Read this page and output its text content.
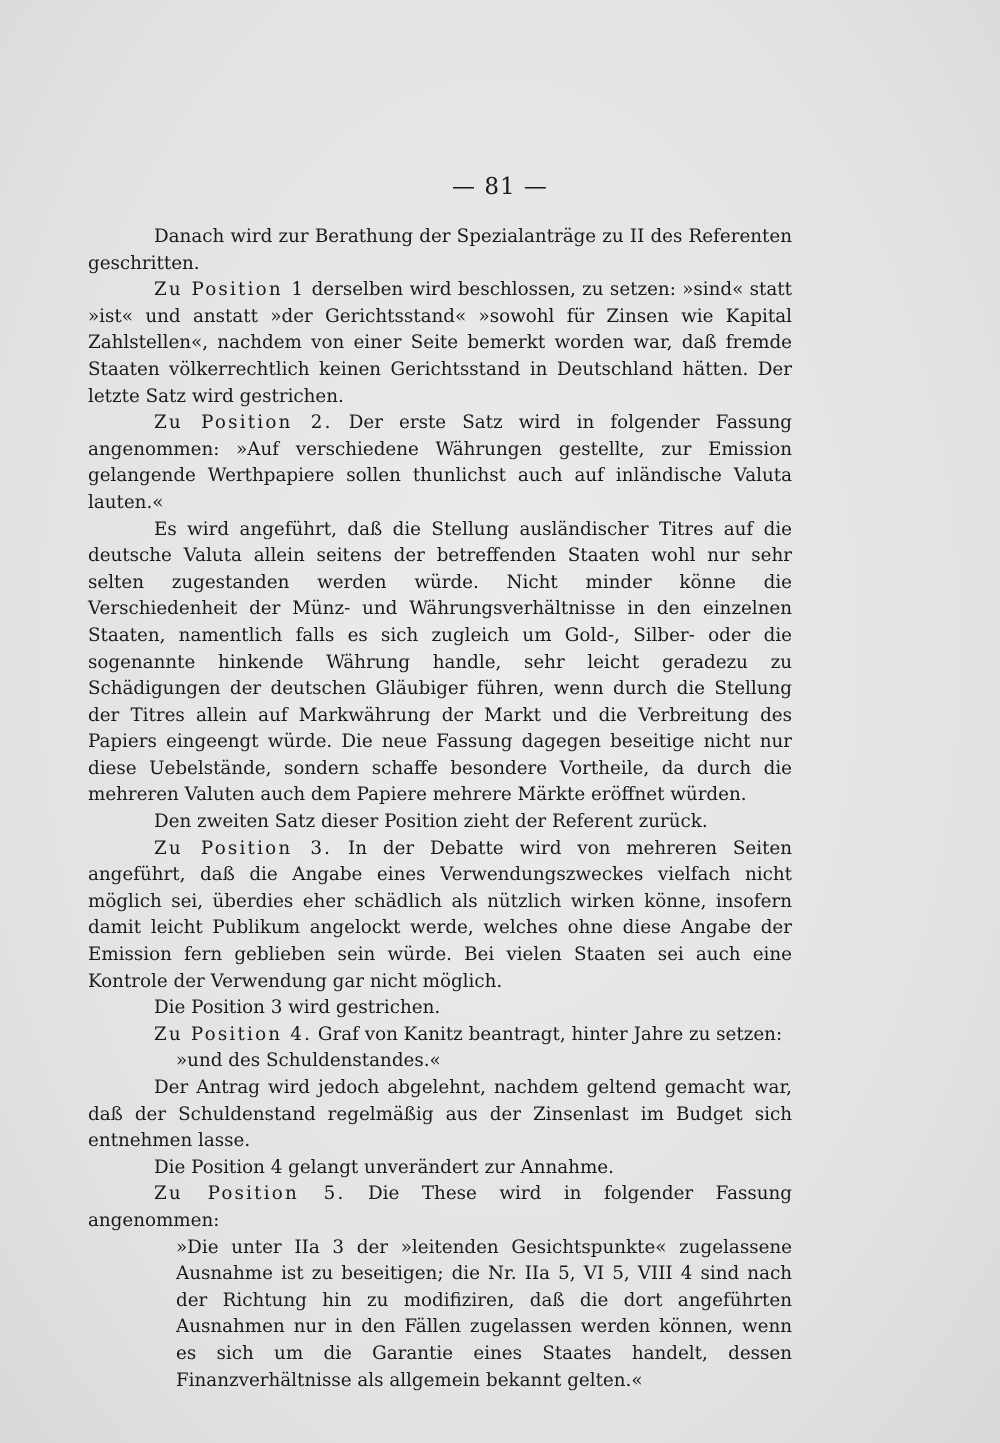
— 81 —

Danach wird zur Berathung der Spezialanträge zu II des Referenten geschritten.

Zu Position 1 derselben wird beschlossen, zu setzen: »sind« statt »ist« und anstatt »der Gerichtsstand« »sowohl für Zinsen wie Kapital Zahlstellen«, nachdem von einer Seite bemerkt worden war, daß fremde Staaten völkerrechtlich keinen Gerichtsstand in Deutschland hätten. Der letzte Satz wird gestrichen.

Zu Position 2. Der erste Satz wird in folgender Fassung angenommen: »Auf verschiedene Währungen gestellte, zur Emission gelangende Werthpapiere sollen thunlichst auch auf inländische Valuta lauten.«

Es wird angeführt, daß die Stellung ausländischer Titres auf die deutsche Valuta allein seitens der betreffenden Staaten wohl nur sehr selten zugestanden werden würde. Nicht minder könne die Verschiedenheit der Münz- und Währungsverhältnisse in den einzelnen Staaten, namentlich falls es sich zugleich um Gold-, Silber- oder die sogenannte hinkende Währung handle, sehr leicht geradezu zu Schädigungen der deutschen Gläubiger führen, wenn durch die Stellung der Titres allein auf Markwährung der Markt und die Verbreitung des Papiers eingeengt würde. Die neue Fassung dagegen beseitige nicht nur diese Uebelstände, sondern schaffe besondere Vortheile, da durch die mehreren Valuten auch dem Papiere mehrere Märkte eröffnet würden.

Den zweiten Satz dieser Position zieht der Referent zurück.

Zu Position 3. In der Debatte wird von mehreren Seiten angeführt, daß die Angabe eines Verwendungszweckes vielfach nicht möglich sei, überdies eher schädlich als nützlich wirken könne, insofern damit leicht Publikum angelockt werde, welches ohne diese Angabe der Emission fern geblieben sein würde. Bei vielen Staaten sei auch eine Kontrole der Verwendung gar nicht möglich.

Die Position 3 wird gestrichen.

Zu Position 4. Graf von Kanitz beantragt, hinter Jahre zu setzen:

»und des Schuldenstandes.«

Der Antrag wird jedoch abgelehnt, nachdem geltend gemacht war, daß der Schuldenstand regelmäßig aus der Zinsenlast im Budget sich entnehmen lasse.

Die Position 4 gelangt unverändert zur Annahme.

Zu Position 5. Die These wird in folgender Fassung angenommen:

»Die unter IIa 3 der »leitenden Gesichtspunkte« zugelassene Ausnahme ist zu beseitigen; die Nr. IIa 5, VI 5, VIII 4 sind nach der Richtung hin zu modifiziren, daß die dort angeführten Ausnahmen nur in den Fällen zugelassen werden können, wenn es sich um die Garantie eines Staates handelt, dessen Finanzverhältnisse als allgemein bekannt gelten.«
